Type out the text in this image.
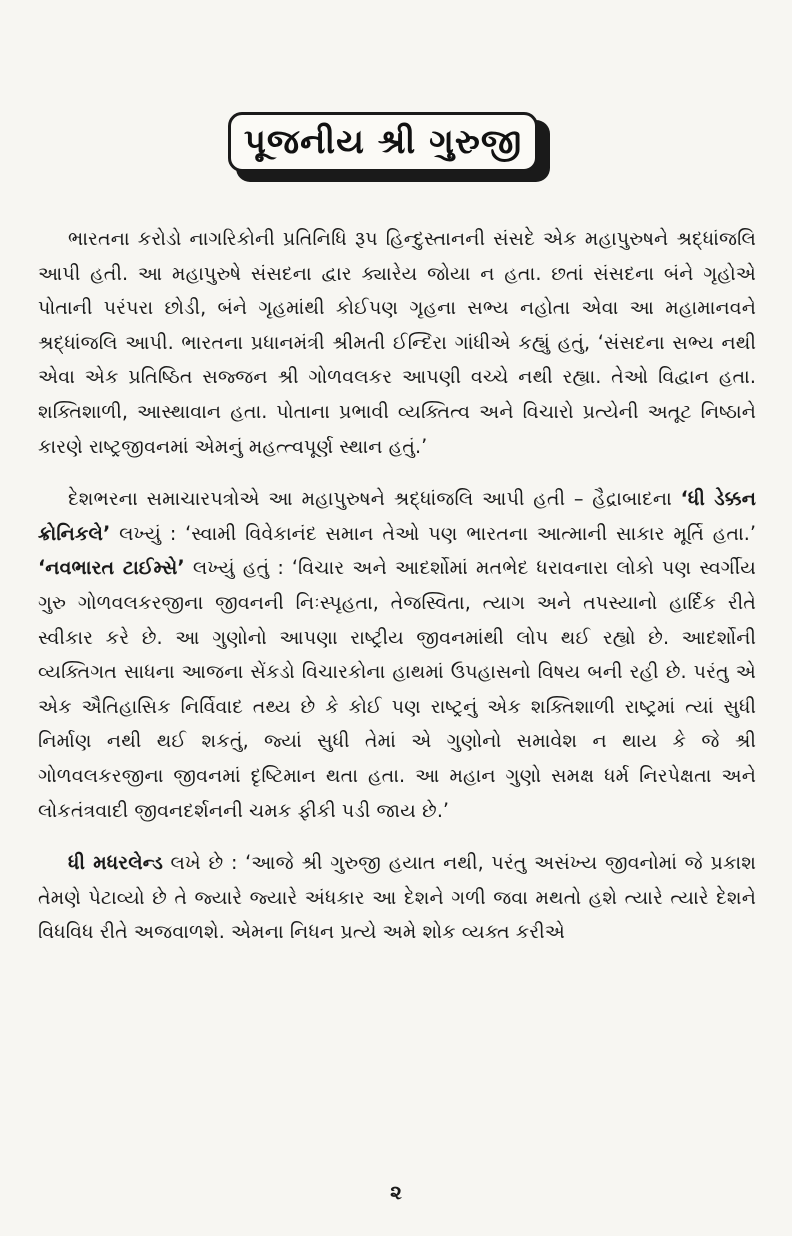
પૂજનીય શ્રી ગુરુજી

ભારતના કરોડો નાગરિકોની પ્રતિનિધિ રૂપ હિન્દુસ્તાનની સંસદે એક મહાપુરુષને શ્રદ્ધાંજલિ આપી હતી. આ મહાપુરુષે સંસદના દ્વાર ક્યારેય જોયા ન હતા. છતાં સંસદના બંને ગૃહોએ પોતાની પરંપરા છોડી, બંને ગૃહમાંથી કોઈપણ ગૃહના સભ્ય નહોતા એવા આ મહામાનવને શ્રદ્ધાંજલિ આપી. ભારતના પ્રધાનમંત્રી શ્રીમતી ઈન્દિરા ગાંધીએ કહ્યું હતું, ‘સંસદના સભ્ય નથી એવા એક પ્રતિષ્ઠિત સજ્જન શ્રી ગોળવલકર આપણી વચ્ચે નથી રહ્યા. તેઓ વિદ્વાન હતા. શક્તિશાળી, આસ્થાવાન હતા. પોતાના પ્રભાવી વ્યક્તિત્વ અને વિચારો પ્રત્યેની અતૂટ નિષ્ઠાને કારણે રાષ્ટ્રજીવનમાં એમનું મહત્ત્વપૂર્ણ સ્થાન હતું.’

દેશભરના સમાચારપત્રોએ આ મહાપુરુષને શ્રદ્ધાંજલિ આપી હતી – હૈદ્રાબાદના ‘ધી ડેક્કન ક્રોનિકલે’ લખ્યું : ‘સ્વામી વિવેકાનંદ સમાન તેઓ પણ ભારતના આત્માની સાકાર મૂર્તિ હતા.’ ‘નવભારત ટાઈમ્સે’ લખ્યું હતું : ‘વિચાર અને આદર્શોમાં મતભેદ ધરાવનારા લોકો પણ સ્વર્ગીય ગુરુ ગોળવલકરજીના જીવનની નિઃસ્પૃહતા, તેજસ્વિતા, ત્યાગ અને તપસ્યાનો હાર્દિક રીતે સ્વીકાર કરે છે. આ ગુણોનો આપણા રાષ્ટ્રીય જીવનમાંથી લોપ થઈ રહ્યો છે. આદર્શોની વ્યક્તિગત સાધના આજના સેંકડો વિચારકોના હાથમાં ઉપહાસનો વિષય બની રહી છે. પરંતુ એ એક ઐતિહાસિક નિર્વિવાદ તથ્ય છે કે કોઈ પણ રાષ્ટ્રનું એક શક્તિશાળી રાષ્ટ્રમાં ત્યાં સુધી નિર્માણ નથી થઈ શકતું, જ્યાં સુધી તેમાં એ ગુણોનો સમાવેશ ન થાય કે જે શ્રી ગોળવલકરજીના જીવનમાં દૃષ્ટિમાન થતા હતા. આ મહાન ગુણો સમક્ષ ધર્મ નિરપેક્ષતા અને લોકતંત્રવાદી જીવનદર્શનની ચમક ફીકી પડી જાય છે.’

ધી મધરલેન્ડ લખે છે : ‘આજે શ્રી ગુરુજી હયાત નથી, પરંતુ અસંખ્ય જીવનોમાં જે પ્રકાશ તેમણે પેટાવ્યો છે તે જ્યારે જ્યારે અંધકાર આ દેશને ગળી જવા મથતો હશે ત્યારે ત્યારે દેશને વિધવિધ રીતે અજવાળશે. એમના નિધન પ્રત્યે અમે શોક વ્યક્ત કરીએ

૨
